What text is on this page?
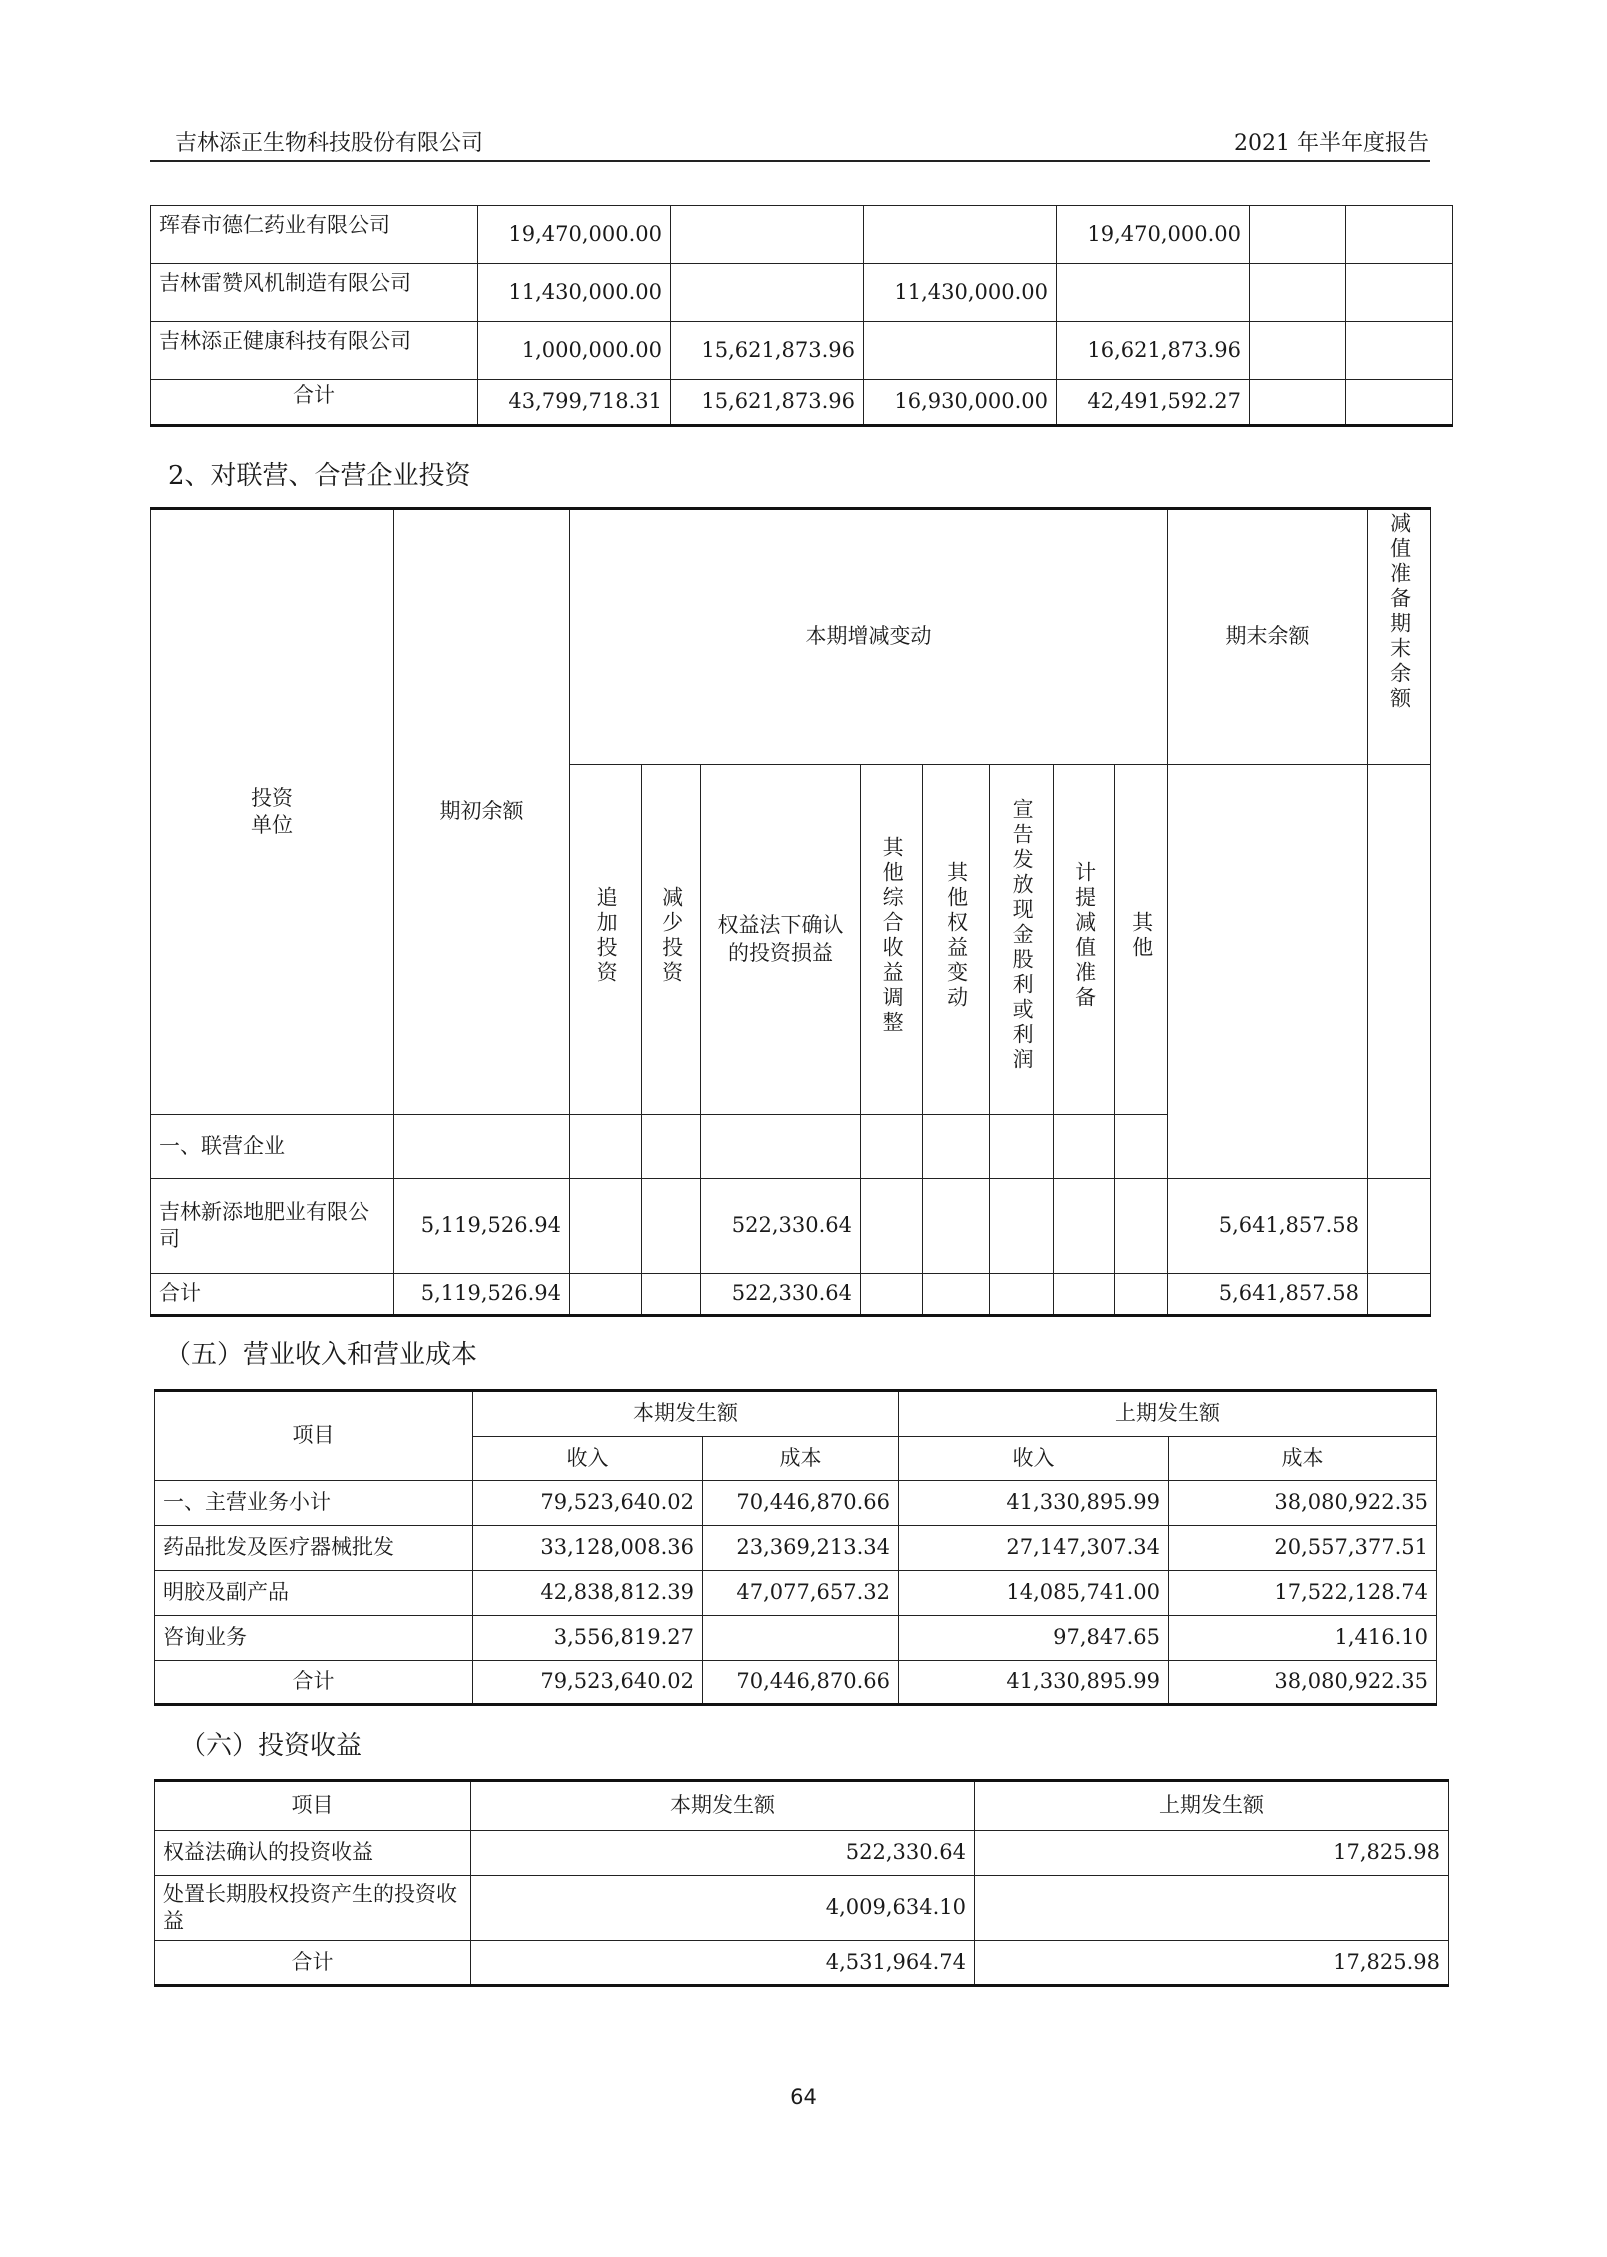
吉林添正生物科技股份有限公司	2021 年半年度报告
珲春市德仁药业有限公司	19,470,000.00			19,470,000.00		
吉林雷赞风机制造有限公司	11,430,000.00		11,430,000.00			
吉林添正健康科技有限公司	1,000,000.00	15,621,873.96		16,621,873.96		
合计	43,799,718.31	15,621,873.96	16,930,000.00	42,491,592.27		
2、对联营、合营企业投资
投资
单位	期初余额	本期增减变动								期末余额	减值准备期末余额
		追加投资	减少投资	权益法下确认的投资损益	其他综合收益调整	其他权益变动	宣告发放现金股利或利润	计提减值准备	其他		
一、联营企业											
吉林新添地肥业有限公司	5,119,526.94			522,330.64						5,641,857.58	
合计	5,119,526.94			522,330.64						5,641,857.58	
（五）营业收入和营业成本
项目	本期发生额		上期发生额	
	收入	成本	收入	成本
一、主营业务小计	79,523,640.02	70,446,870.66	41,330,895.99	38,080,922.35
药品批发及医疗器械批发	33,128,008.36	23,369,213.34	27,147,307.34	20,557,377.51
明胶及副产品	42,838,812.39	47,077,657.32	14,085,741.00	17,522,128.74
咨询业务	3,556,819.27		97,847.65	1,416.10
合计	79,523,640.02	70,446,870.66	41,330,895.99	38,080,922.35
（六）投资收益
项目	本期发生额	上期发生额
权益法确认的投资收益	522,330.64	17,825.98
处置长期股权投资产生的投资收益	4,009,634.10	
合计	4,531,964.74	17,825.98
64
